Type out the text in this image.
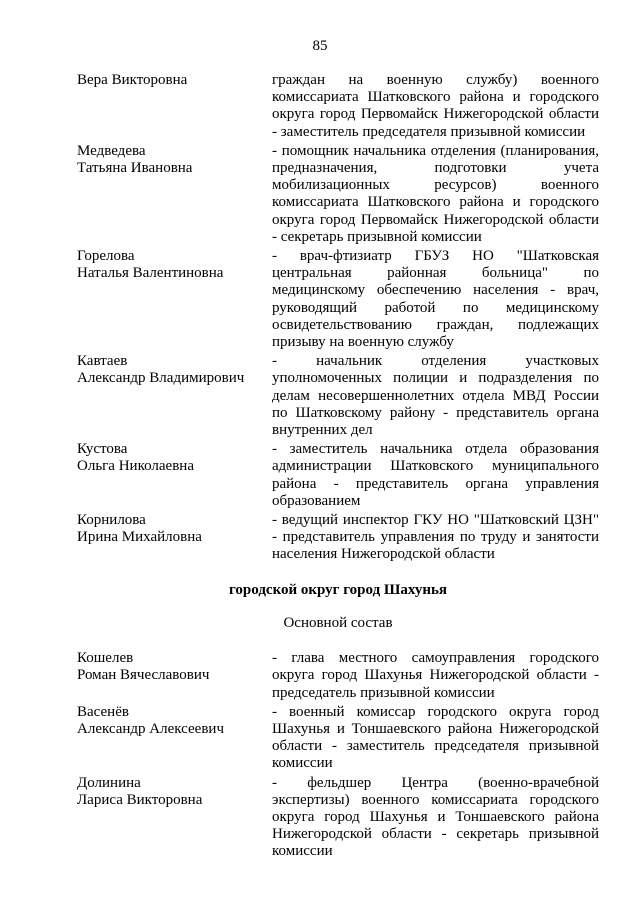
85
Вера Викторовна	граждан на военную службу) военного комиссариата Шатковского района и городского округа город Первомайск Нижегородской области - заместитель председателя призывной комиссии
Медведева
Татьяна Ивановна
- помощник начальника отделения (планирования, предназначения, подготовки учета мобилизационных ресурсов) военного комиссариата Шатковского района и городского округа город Первомайск Нижегородской области - секретарь призывной комиссии
Горелова
Наталья Валентиновна
- врач-фтизиатр ГБУЗ НО "Шатковская центральная районная больница" по медицинскому обеспечению населения - врач, руководящий работой по медицинскому освидетельствованию граждан, подлежащих призыву на военную службу
Кавтаев
Александр Владимирович
- начальник отделения участковых уполномоченных полиции и подразделения по делам несовершеннолетних отдела МВД России по Шатковскому району - представитель органа внутренних дел
Кустова
Ольга Николаевна
- заместитель начальника отдела образования администрации Шатковского муниципального района - представитель органа управления образованием
Корнилова
Ирина Михайловна
- ведущий инспектор ГКУ НО "Шатковский ЦЗН" - представитель управления по труду и занятости населения Нижегородской области
городской округ город Шахунья
Основной состав
Кошелев
Роман Вячеславович
- глава местного самоуправления городского округа город Шахунья Нижегородской области - председатель призывной комиссии
Васенёв
Александр Алексеевич
- военный комиссар городского округа город Шахунья и Тоншаевского района Нижегородской области - заместитель председателя призывной комиссии
Долинина
Лариса Викторовна
- фельдшер Центра (военно-врачебной экспертизы) военного комиссариата городского округа город Шахунья и Тоншаевского района Нижегородской области - секретарь призывной комиссии
